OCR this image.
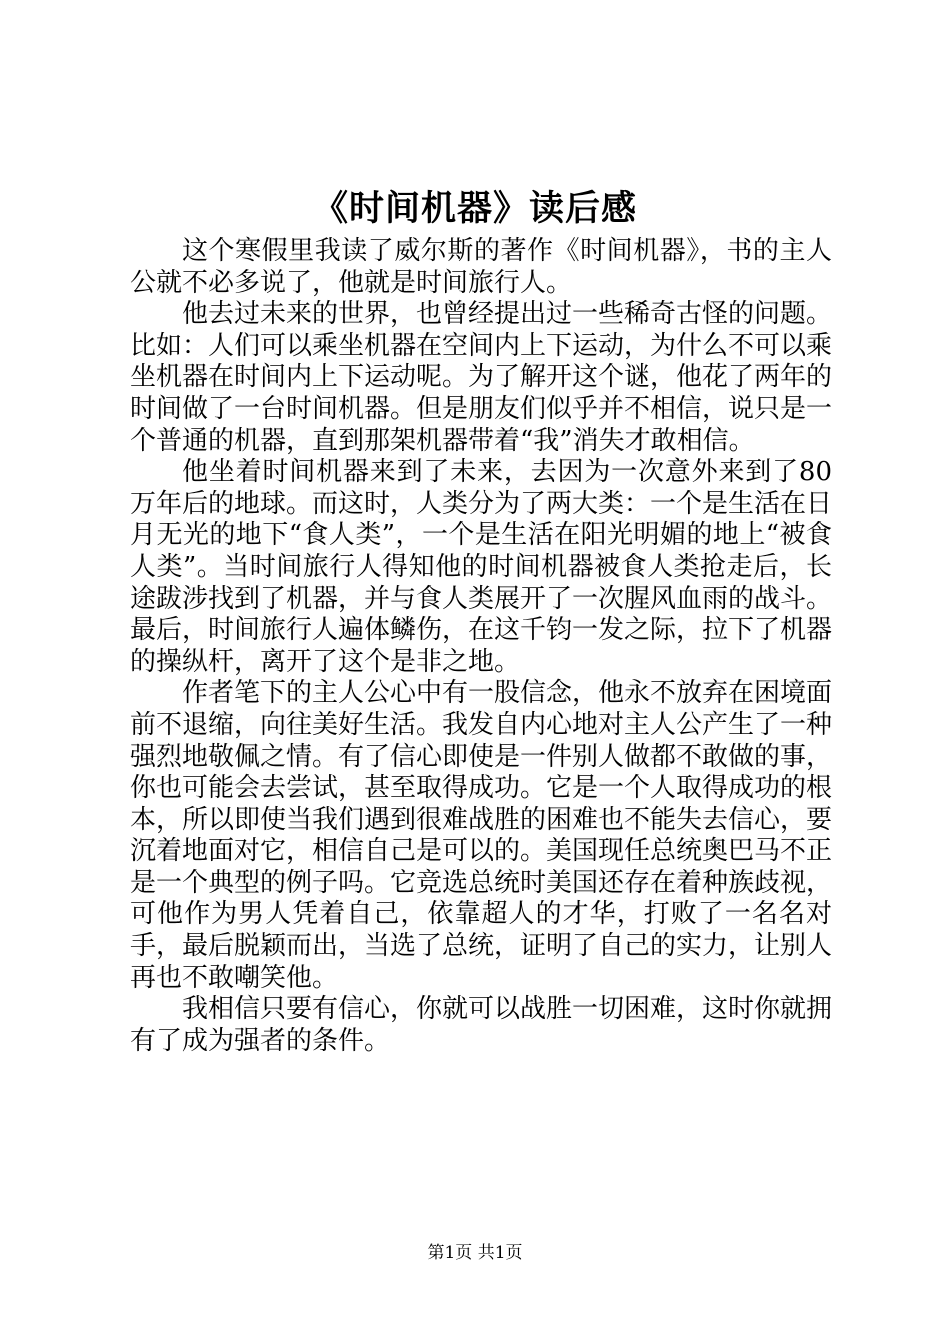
《时间机器》读后感

这个寒假里我读了威尔斯的著作《时间机器》，书的主人公就不必多说了，他就是时间旅行人。

他去过未来的世界，也曾经提出过一些稀奇古怪的问题。比如：人们可以乘坐机器在空间内上下运动，为什么不可以乘坐机器在时间内上下运动呢。为了解开这个谜，他花了两年的时间做了一台时间机器。但是朋友们似乎并不相信，说只是一个普通的机器，直到那架机器带着“我”消失才敢相信。

他坐着时间机器来到了未来，去因为一次意外来到了80万年后的地球。而这时，人类分为了两大类：一个是生活在日月无光的地下“食人类”，一个是生活在阳光明媚的地上“被食人类”。当时间旅行人得知他的时间机器被食人类抢走后，长途跋涉找到了机器，并与食人类展开了一次腥风血雨的战斗。最后，时间旅行人遍体鳞伤，在这千钧一发之际，拉下了机器的操纵杆，离开了这个是非之地。

作者笔下的主人公心中有一股信念，他永不放弃在困境面前不退缩，向往美好生活。我发自内心地对主人公产生了一种强烈地敬佩之情。有了信心即使是一件别人做都不敢做的事，你也可能会去尝试，甚至取得成功。它是一个人取得成功的根本，所以即使当我们遇到很难战胜的困难也不能失去信心，要沉着地面对它，相信自己是可以的。美国现任总统奥巴马不正是一个典型的例子吗。它竞选总统时美国还存在着种族歧视，可他作为男人凭着自己，依靠超人的才华，打败了一名名对手，最后脱颖而出，当选了总统，证明了自己的实力，让别人再也不敢嘲笑他。

我相信只要有信心，你就可以战胜一切困难，这时你就拥有了成为强者的条件。

第1页 共1页
